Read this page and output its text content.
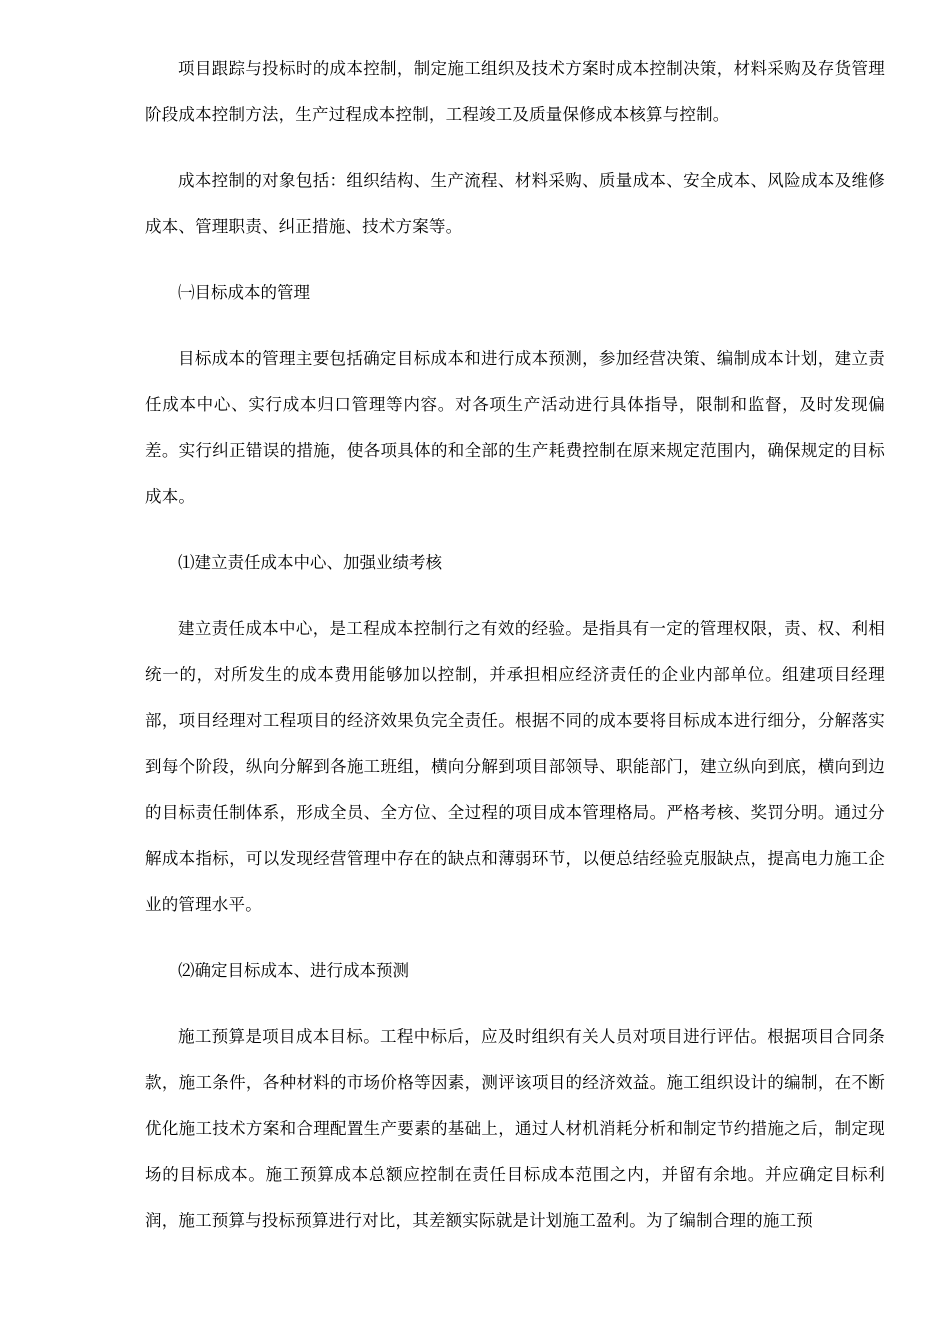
项目跟踪与投标时的成本控制，制定施工组织及技术方案时成本控制决策，材料采购及存货管理阶段成本控制方法，生产过程成本控制，工程竣工及质量保修成本核算与控制。

成本控制的对象包括：组织结构、生产流程、材料采购、质量成本、安全成本、风险成本及维修成本、管理职责、纠正措施、技术方案等。

㈠目标成本的管理

目标成本的管理主要包括确定目标成本和进行成本预测，参加经营决策、编制成本计划，建立责任成本中心、实行成本归口管理等内容。对各项生产活动进行具体指导，限制和监督，及时发现偏差。实行纠正错误的措施，使各项具体的和全部的生产耗费控制在原来规定范围内，确保规定的目标成本。

⑴建立责任成本中心、加强业绩考核

建立责任成本中心，是工程成本控制行之有效的经验。是指具有一定的管理权限，责、权、利相统一的，对所发生的成本费用能够加以控制，并承担相应经济责任的企业内部单位。组建项目经理部，项目经理对工程项目的经济效果负完全责任。根据不同的成本要将目标成本进行细分，分解落实到每个阶段，纵向分解到各施工班组，横向分解到项目部领导、职能部门，建立纵向到底，横向到边的目标责任制体系，形成全员、全方位、全过程的项目成本管理格局。严格考核、奖罚分明。通过分解成本指标，可以发现经营管理中存在的缺点和薄弱环节，以便总结经验克服缺点，提高电力施工企业的管理水平。

⑵确定目标成本、进行成本预测

施工预算是项目成本目标。工程中标后，应及时组织有关人员对项目进行评估。根据项目合同条款，施工条件，各种材料的市场价格等因素，测评该项目的经济效益。施工组织设计的编制，在不断优化施工技术方案和合理配置生产要素的基础上，通过人材机消耗分析和制定节约措施之后，制定现场的目标成本。施工预算成本总额应控制在责任目标成本范围之内，并留有余地。并应确定目标利润，施工预算与投标预算进行对比，其差额实际就是计划施工盈利。为了编制合理的施工预
